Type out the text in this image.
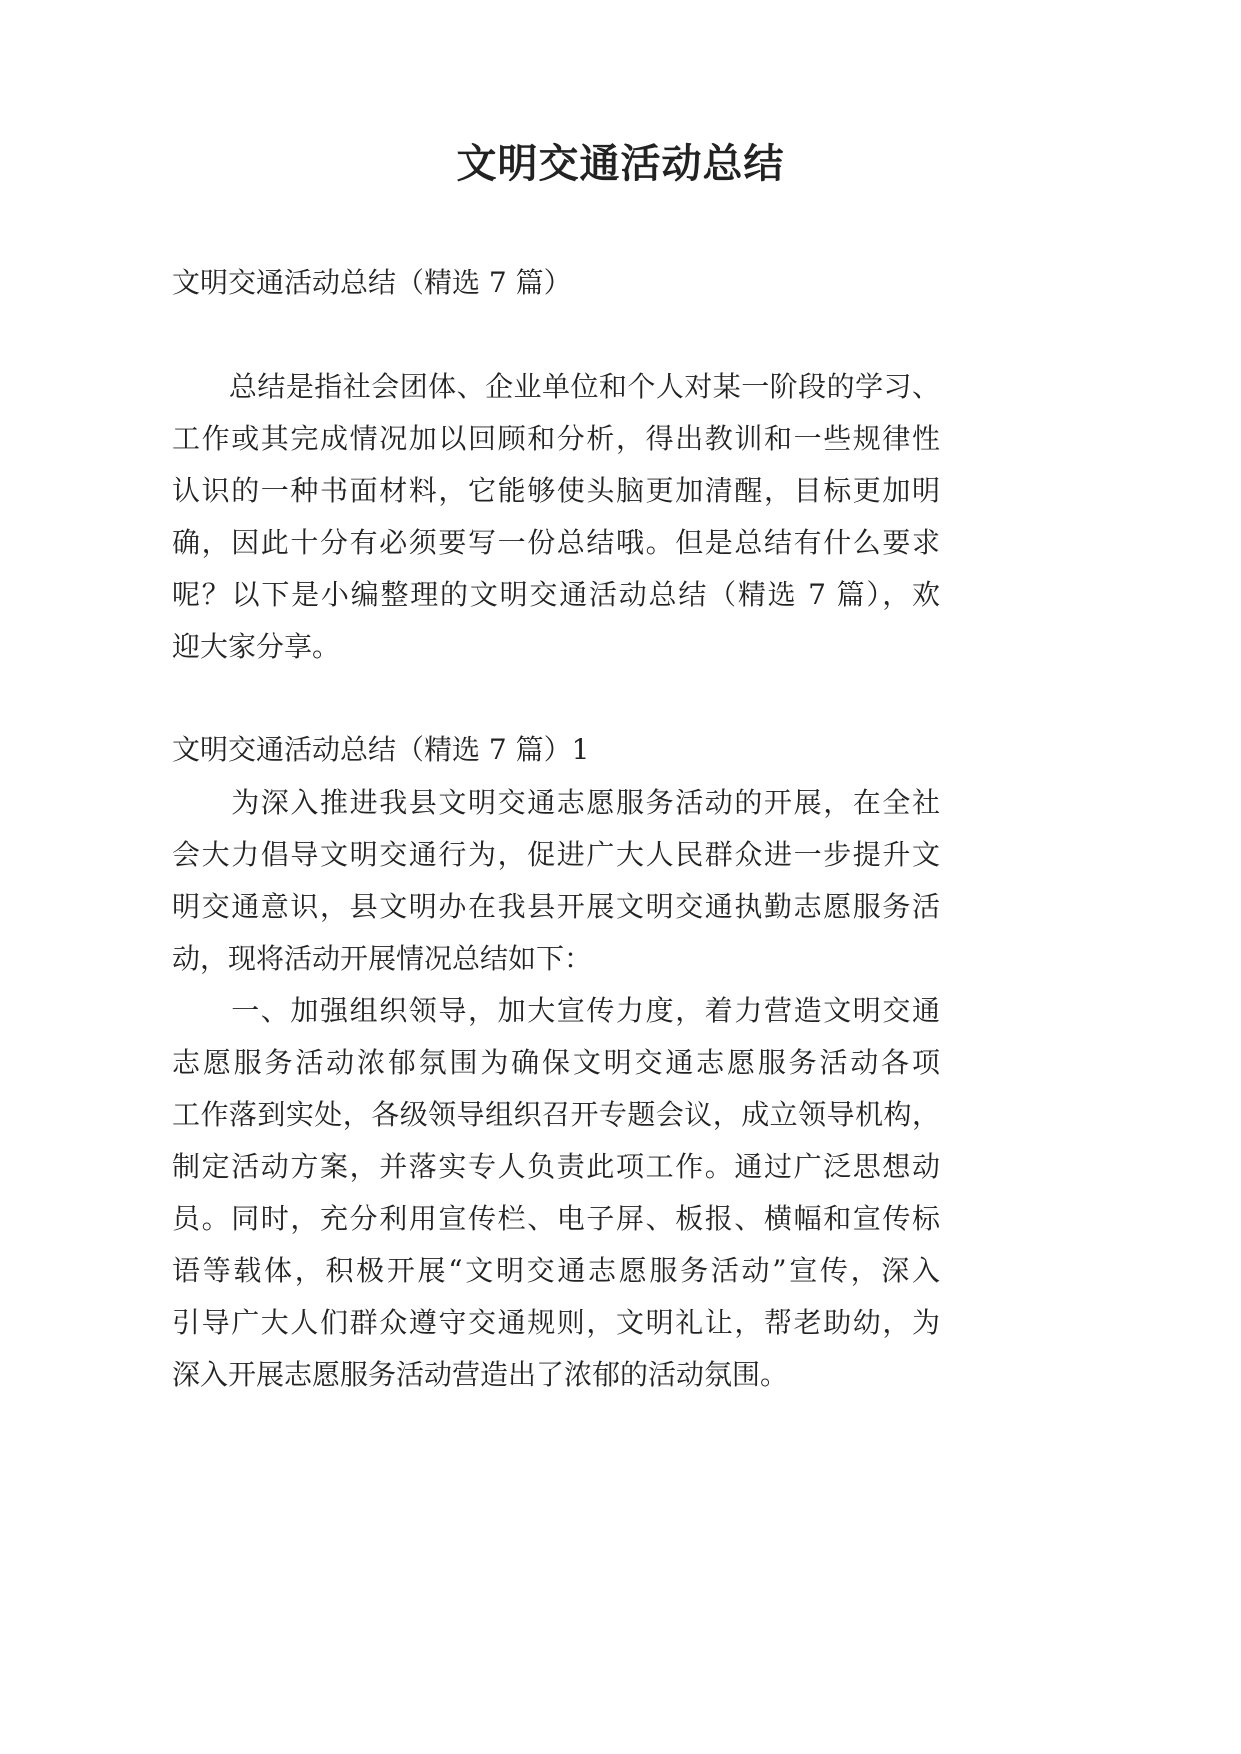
文明交通活动总结
文明交通活动总结（精选 7 篇）
　　总结是指社会团体、企业单位和个人对某一阶段的学习、
工作或其完成情况加以回顾和分析，得出教训和一些规律性
认识的一种书面材料，它能够使头脑更加清醒，目标更加明
确，因此十分有必须要写一份总结哦。但是总结有什么要求
呢？以下是小编整理的文明交通活动总结（精选 7 篇），欢
迎大家分享。
文明交通活动总结（精选 7 篇）1
　　为深入推进我县文明交通志愿服务活动的开展，在全社
会大力倡导文明交通行为，促进广大人民群众进一步提升文
明交通意识，县文明办在我县开展文明交通执勤志愿服务活
动，现将活动开展情况总结如下：
　　一、加强组织领导，加大宣传力度，着力营造文明交通
志愿服务活动浓郁氛围为确保文明交通志愿服务活动各项
工作落到实处，各级领导组织召开专题会议，成立领导机构，
制定活动方案，并落实专人负责此项工作。通过广泛思想动
员。同时，充分利用宣传栏、电子屏、板报、横幅和宣传标
语等载体，积极开展“文明交通志愿服务活动”宣传，深入
引导广大人们群众遵守交通规则，文明礼让，帮老助幼，为
深入开展志愿服务活动营造出了浓郁的活动氛围。
